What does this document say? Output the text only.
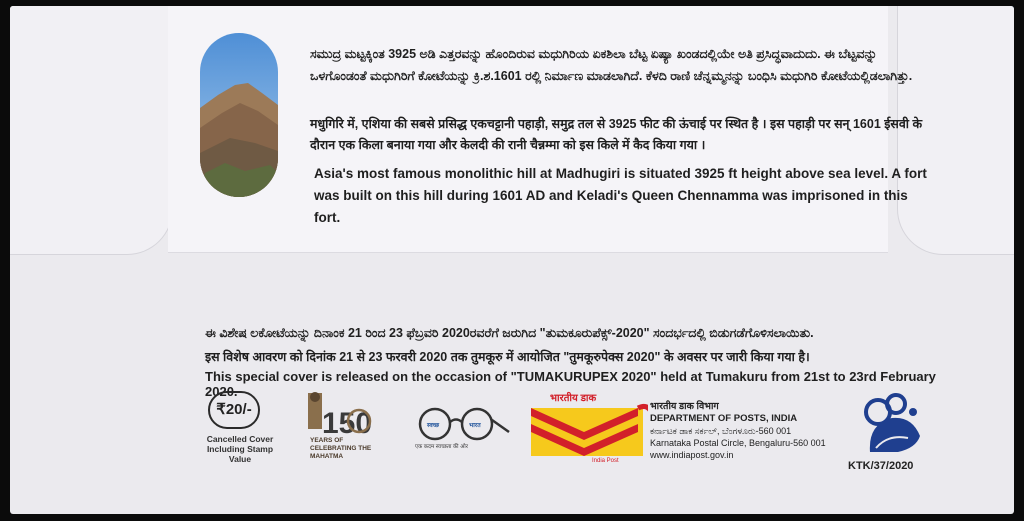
ಸಮುದ್ರ ಮಟ್ಟಕ್ಕಿಂತ 3925 ಅಡಿ ಎತ್ತರವನ್ನು ಹೊಂದಿರುವ ಮಧುಗಿರಿಯ ಏಕಶಿಲಾ ಬೆಟ್ಟ ಏಷ್ಯಾ ಖಂಡದಲ್ಲಿಯೇ ಅತಿ ಪ್ರಸಿದ್ಧವಾದುದು. ಈ ಬೆಟ್ಟವನ್ನು ಒಳಗೊಂಡಂತೆ ಮಧುಗಿರಿಗೆ ಕೋಟೆಯನ್ನು ಕ್ರಿ.ಶ.1601 ರಲ್ಲಿ ನಿರ್ಮಾಣ ಮಾಡಲಾಗಿದೆ. ಕೆಳದಿ ರಾಣಿ ಚೆನ್ನಮ್ಮನನ್ನು ಬಂಧಿಸಿ ಮಧುಗಿರಿ ಕೋಟೆಯಲ್ಲಿಡಲಾಗಿತ್ತು.
मधुगिरि में, एशिया की सबसे प्रसिद्ध एकचट्टानी पहाड़ी, समुद्र तल से 3925 फीट की ऊंचाई पर स्थित है । इस पहाड़ी पर सन् 1601 ईसवी के दौरान एक किला बनाया गया और केलदी की रानी चैन्नम्मा को इस किले में कैद किया गया ।
Asia's most famous monolithic hill at Madhugiri is situated 3925 ft height above sea level. A fort was built on this hill during 1601 AD and Keladi's Queen Chennamma was imprisoned in this fort.
ಈ ವಿಶೇಷ ಲಕೋಟೆಯನ್ನು ದಿನಾಂಕ 21 ರಿಂದ 23 ಫೆಬ್ರವರಿ 2020ರವರೆಗೆ ಜರುಗಿದ "ತುಮಕೂರುಪೆಕ್ಸ್-2020" ಸಂದರ್ಭದಲ್ಲಿ ಬಿಡುಗಡೆಗೊಳಿಸಲಾಯಿತು.
इस विशेष आवरण को दिनांक 21 से 23 फरवरी 2020 तक तुमकूरु में आयोजित "तुमकूरुपेक्स 2020" के अवसर पर जारी किया गया है।
This special cover is released on the occasion of "TUMAKURUPEX 2020" held at Tumakuru from 21st to 23rd February 2020.
₹20/-
Cancelled Cover Including Stamp Value
150
YEARS OF CELEBRATING THE MAHATMA
स्वच्छ	भारत
एक कदम स्वच्छता की ओर
भारतीय डाक
India Post
भारतीय डाक विभाग
DEPARTMENT OF POSTS, INDIA
ಕರ್ನಾಟಕ ಡಾಕ ಸರ್ಕಲ್, ಬೆಂಗಳೂರು-560 001
Karnataka Postal Circle, Bengaluru-560 001
www.indiapost.gov.in
KTK/37/2020
